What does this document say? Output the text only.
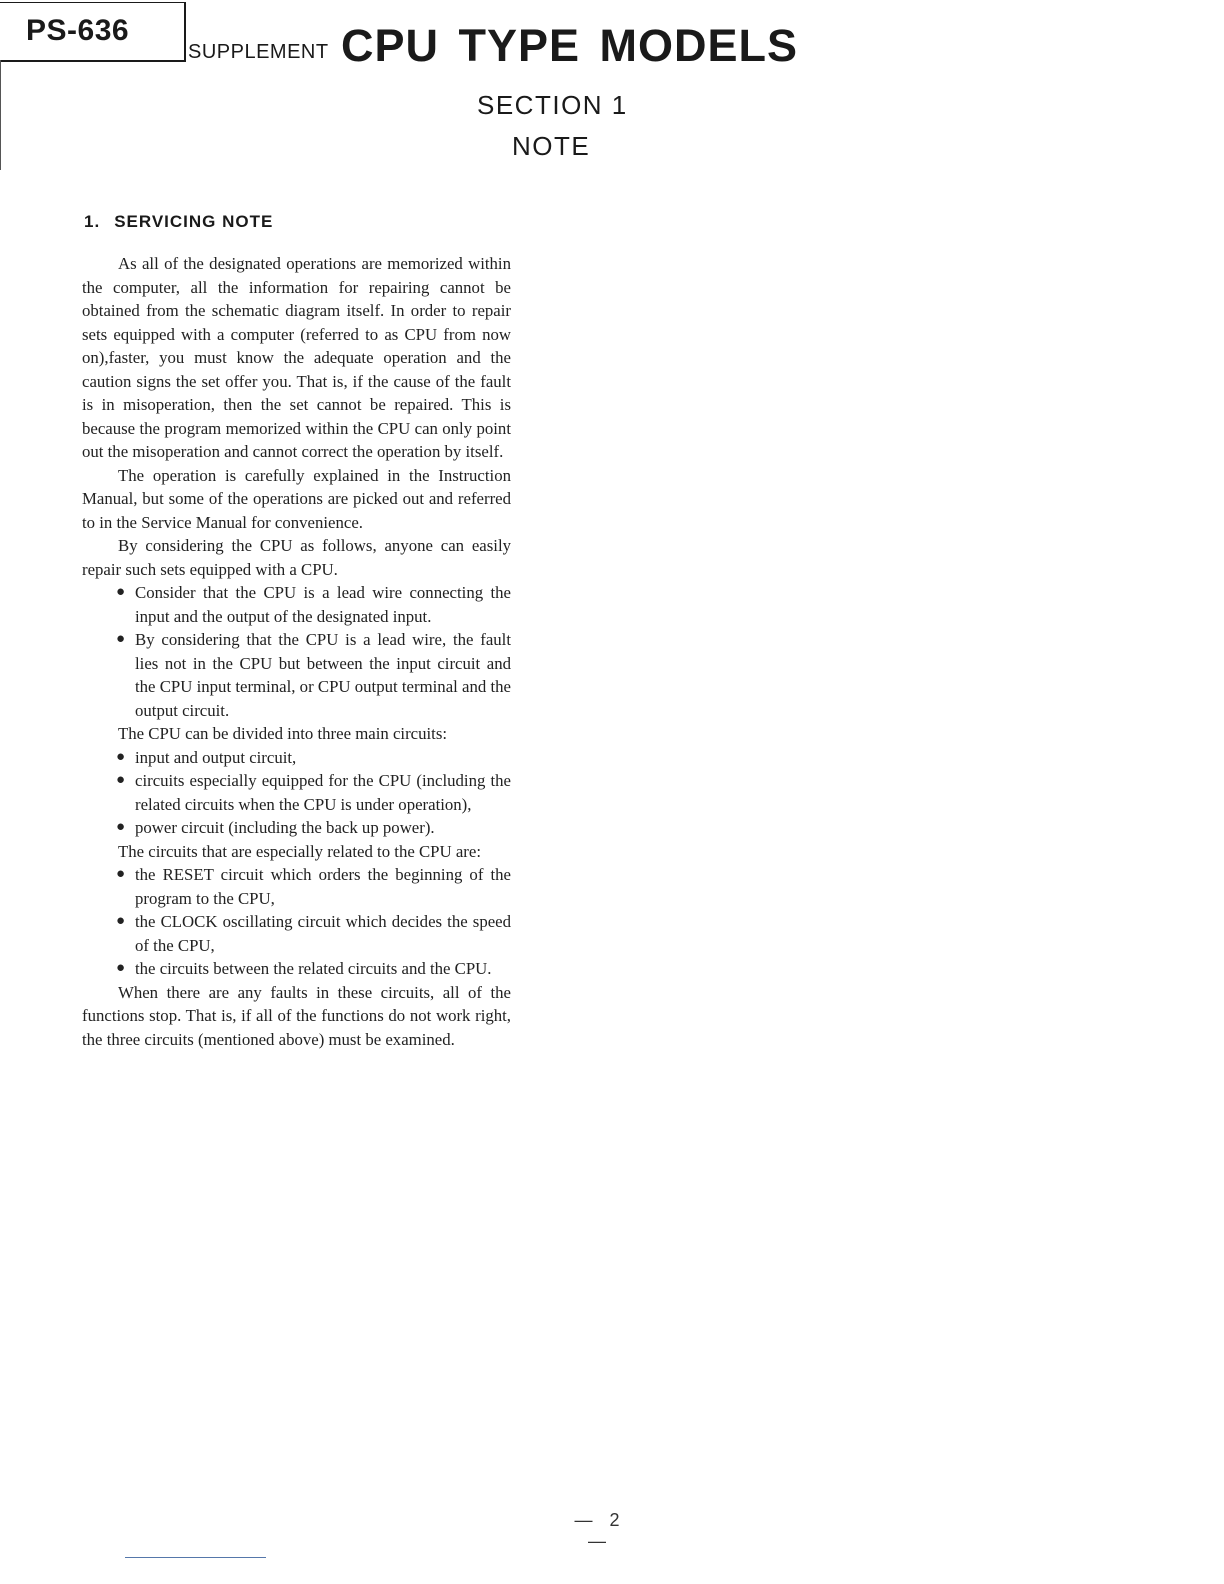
PS-636
SUPPLEMENT CPU TYPE MODELS
SECTION 1
NOTE
1. SERVICING NOTE

As all of the designated operations are memorized within the computer, all the information for repairing cannot be obtained from the schematic diagram itself. In order to repair sets equipped with a computer (referred to as CPU from now on),faster, you must know the adequate operation and the caution signs the set offer you. That is, if the cause of the fault is in misoperation, then the set cannot be repaired. This is because the program memorized within the CPU can only point out the misoperation and cannot correct the operation by itself.

The operation is carefully explained in the Instruction Manual, but some of the operations are picked out and referred to in the Service Manual for convenience.

By considering the CPU as follows, anyone can easily repair such sets equipped with a CPU.

● Consider that the CPU is a lead wire connecting the input and the output of the designated input.
● By considering that the CPU is a lead wire, the fault lies not in the CPU but between the input circuit and the CPU input terminal, or CPU output terminal and the output circuit.

The CPU can be divided into three main circuits:

● input and output circuit,
● circuits especially equipped for the CPU (including the related circuits when the CPU is under operation),
● power circuit (including the back up power).

The circuits that are especially related to the CPU are:

● the RESET circuit which orders the beginning of the program to the CPU,
● the CLOCK oscillating circuit which decides the speed of the CPU,
● the circuits between the related circuits and the CPU.

When there are any faults in these circuits, all of the functions stop. That is, if all of the functions do not work right, the three circuits (mentioned above) must be examined.

— 2 —
